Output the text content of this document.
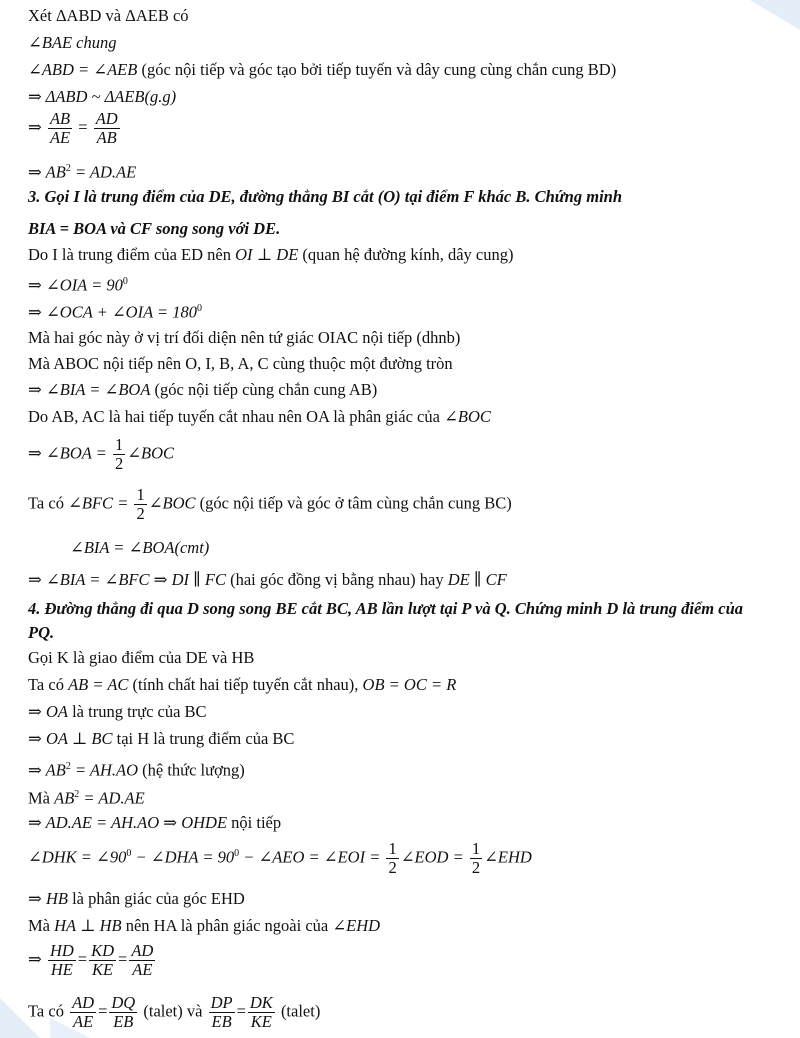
Xét ΔABD và ΔAEB có
∠BAE chung
∠ABD = ∠AEB (góc nội tiếp và góc tạo bởi tiếp tuyến và dây cung cùng chắn cung BD)
⇒ ΔABD ~ ΔAEB(g.g)
⇒ $\frac{AB}{AE} = \frac{AD}{AB}$
⇒ $AB^2 = AD.AE$
3. Gọi I là trung điểm của DE, đường thẳng BI cắt (O) tại điểm F khác B. Chứng minh
BIA = BOA và CF song song với DE.
Do I là trung điểm của ED nên OI ⊥ DE (quan hệ đường kính, dây cung)
⇒ ∠OIA = $90^0$
⇒ ∠OCA + ∠OIA = $180^0$
Mà hai góc này ở vị trí đối diện nên tứ giác OIAC nội tiếp (dhnb)
Mà ABOC nội tiếp nên O, I, B, A, C cùng thuộc một đường tròn
⇒ ∠BIA = ∠BOA (góc nội tiếp cùng chắn cung AB)
Do AB, AC là hai tiếp tuyến cắt nhau nên OA là phân giác của ∠BOC
⇒ ∠BOA = $\frac{1}{2}$ ∠BOC
Ta có ∠BFC = $\frac{1}{2}$ ∠BOC (góc nội tiếp và góc ở tâm cùng chắn cung BC)
∠BIA = ∠BOA(cmt)
⇒ ∠BIA = ∠BFC ⇒ DI ∥ FC (hai góc đồng vị bằng nhau) hay DE ∥ CF
4. Đường thẳng đi qua D song song BE cắt BC, AB lần lượt tại P và Q. Chứng minh D là trung điểm của
PQ.
Gọi K là giao điểm của DE và HB
Ta có AB = AC (tính chất hai tiếp tuyến cắt nhau), OB = OC = R
⇒ OA là trung trực của BC
⇒ OA ⊥ BC tại H là trung điểm của BC
⇒ $AB^2 = AH.AO$ (hệ thức lượng)
Mà $AB^2 = AD.AE$
⇒ AD.AE = AH.AO ⇒ OHDE nội tiếp
∠DHK = $\angle 90^0$ − ∠DHA = $90^0$ − ∠AEO = ∠EOI = $\frac{1}{2}$ ∠EOD = $\frac{1}{2}$ ∠EHD
⇒ HB là phân giác của góc EHD
Mà HA ⊥ HB nên HA là phân giác ngoài của ∠EHD
⇒ $\frac{HD}{HE} = \frac{KD}{KE} = \frac{AD}{AE}$
Ta có $\frac{AD}{AE} = \frac{DQ}{EB}$ (talet) và $\frac{DP}{EB} = \frac{DK}{KE}$ (talet)
